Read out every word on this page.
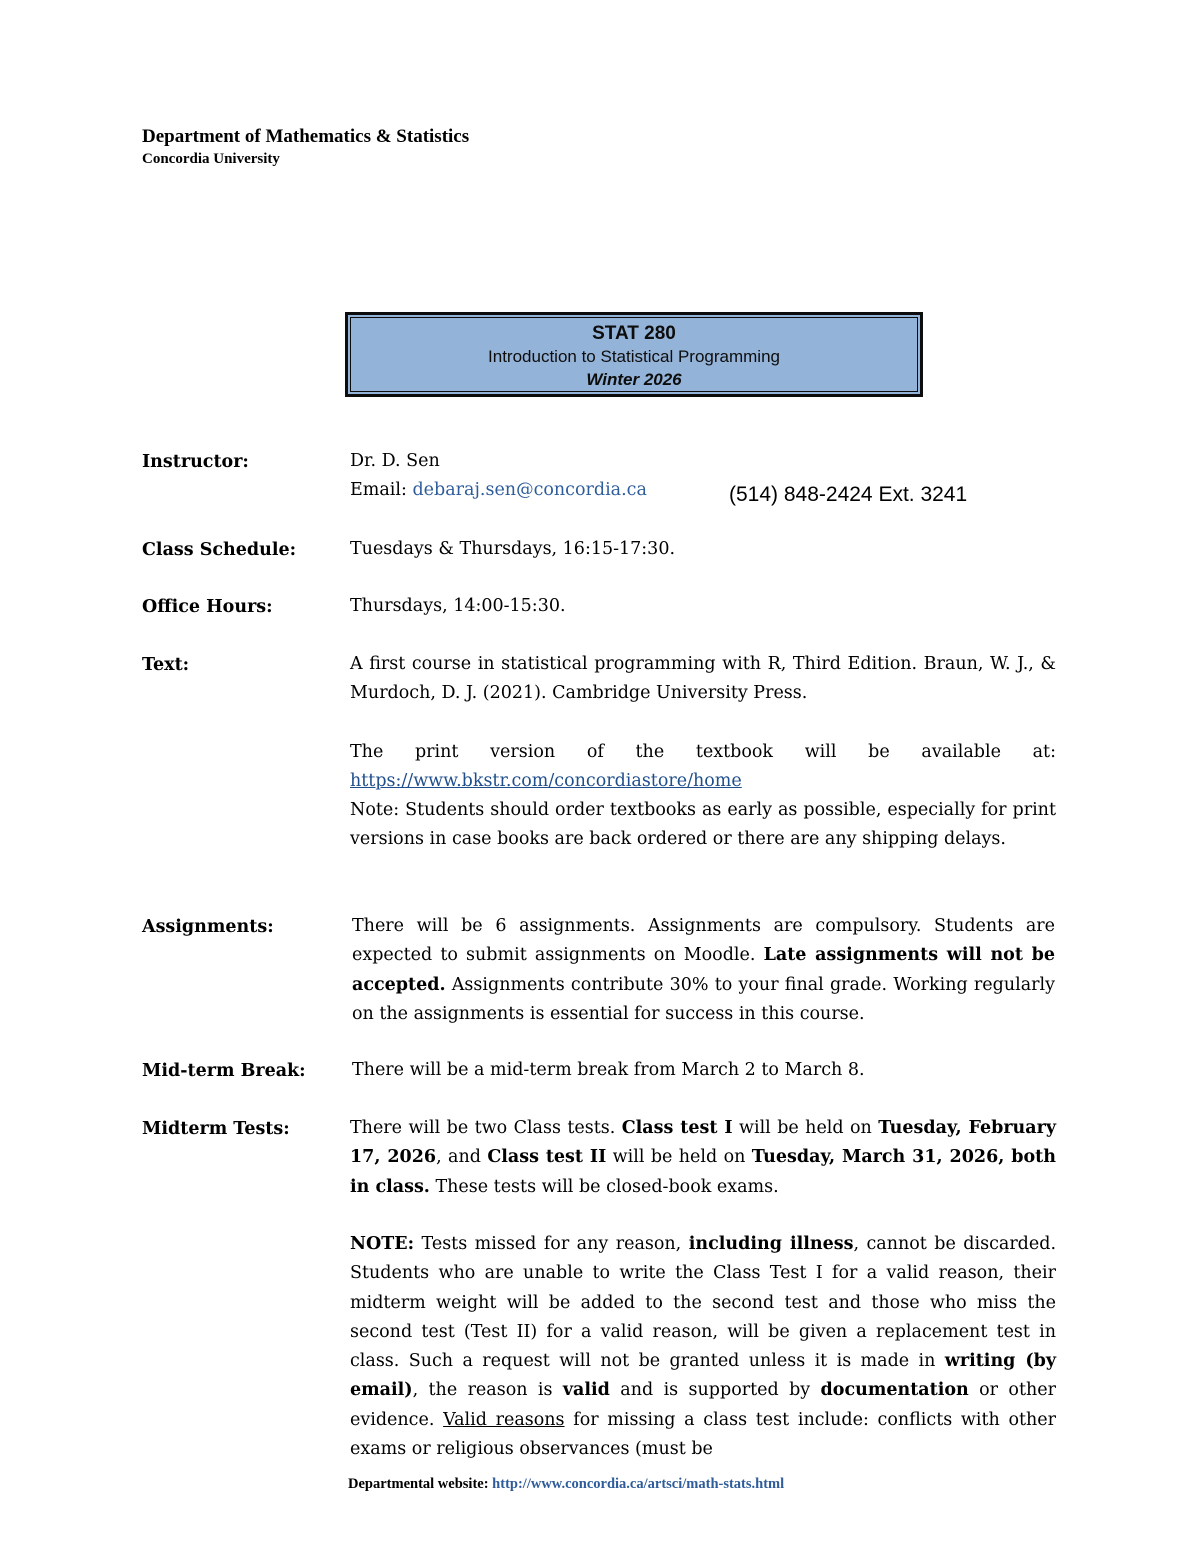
Department of Mathematics & Statistics
Concordia University
STAT 280
Introduction to Statistical Programming
Winter 2026
Instructor:	Dr. D. Sen
Email: debaraj.sen@concordia.ca	(514) 848-2424 Ext. 3241
Class Schedule:	Tuesdays & Thursdays, 16:15-17:30.
Office Hours:	Thursdays, 14:00-15:30.
Text:	A first course in statistical programming with R, Third Edition. Braun, W. J., & Murdoch, D. J. (2021). Cambridge University Press.
The print version of the textbook will be available at:
https://www.bkstr.com/concordiastore/home
Note: Students should order textbooks as early as possible, especially for print versions in case books are back ordered or there are any shipping delays.
Assignments:	There will be 6 assignments. Assignments are compulsory. Students are expected to submit assignments on Moodle. Late assignments will not be accepted. Assignments contribute 30% to your final grade. Working regularly on the assignments is essential for success in this course.
Mid-term Break:	There will be a mid-term break from March 2 to March 8.
Midterm Tests:	There will be two Class tests. Class test I will be held on Tuesday, February 17, 2026, and Class test II will be held on Tuesday, March 31, 2026, both in class. These tests will be closed-book exams.
NOTE: Tests missed for any reason, including illness, cannot be discarded. Students who are unable to write the Class Test I for a valid reason, their midterm weight will be added to the second test and those who miss the second test (Test II) for a valid reason, will be given a replacement test in class. Such a request will not be granted unless it is made in writing (by email), the reason is valid and is supported by documentation or other evidence. Valid reasons for missing a class test include: conflicts with other exams or religious observances (must be
Departmental website: http://www.concordia.ca/artsci/math-stats.html
